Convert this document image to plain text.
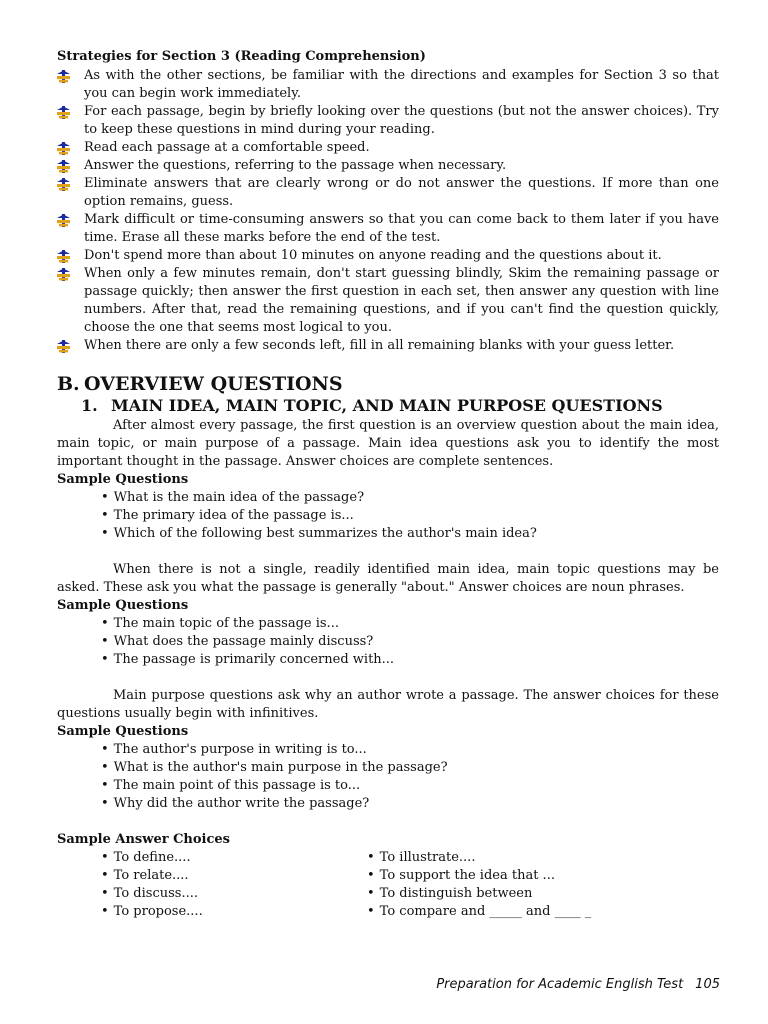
Strategies for Section 3 (Reading Comprehension)
As with the other sections, be familiar with the directions and examples for Section 3 so that you can begin work immediately.
For each passage, begin by briefly looking over the questions (but not the answer choices). Try to keep these questions in mind during your reading.
Read each passage at a comfortable speed.
Answer the questions, referring to the passage when necessary.
Eliminate answers that are clearly wrong or do not answer the questions. If more than one option remains, guess.
Mark difficult or time-consuming answers so that you can come back to them later if you have time. Erase all these marks before the end of the test.
Don't spend more than about 10 minutes on anyone reading and the questions about it.
When only a few minutes remain, don't start guessing blindly, Skim the remaining passage or passage quickly; then answer the first question in each set, then answer any question with line numbers. After that, read the remaining questions, and if you can't find the question quickly, choose the one that seems most logical to you.
When there are only a few seconds left, fill in all remaining blanks with your guess letter.
B. OVERVIEW QUESTIONS
1. MAIN IDEA, MAIN TOPIC, AND MAIN PURPOSE QUESTIONS

After almost every passage, the first question is an overview question about the main idea, main topic, or main purpose of a passage. Main idea questions ask you to identify the most important thought in the passage. Answer choices are complete sentences.

Sample Questions
• What is the main idea of the passage?
• The primary idea of the passage is...
• Which of the following best summarizes the author's main idea?

When there is not a single, readily identified main idea, main topic questions may be asked. These ask you what the passage is generally "about." Answer choices are noun phrases.

Sample Questions
• The main topic of the passage is...
• What does the passage mainly discuss?
• The passage is primarily concerned with...

Main purpose questions ask why an author wrote a passage. The answer choices for these questions usually begin with infinitives.

Sample Questions
• The author's purpose in writing is to...
• What is the author's main purpose in the passage?
• The main point of this passage is to...
• Why did the author write the passage?
Sample Answer Choices
• To define....
• To relate....
• To discuss....
• To propose....
• To illustrate....
• To support the idea that ...
• To distinguish between
• To compare and _____ and ____ _
Preparation for Academic English Test 105
